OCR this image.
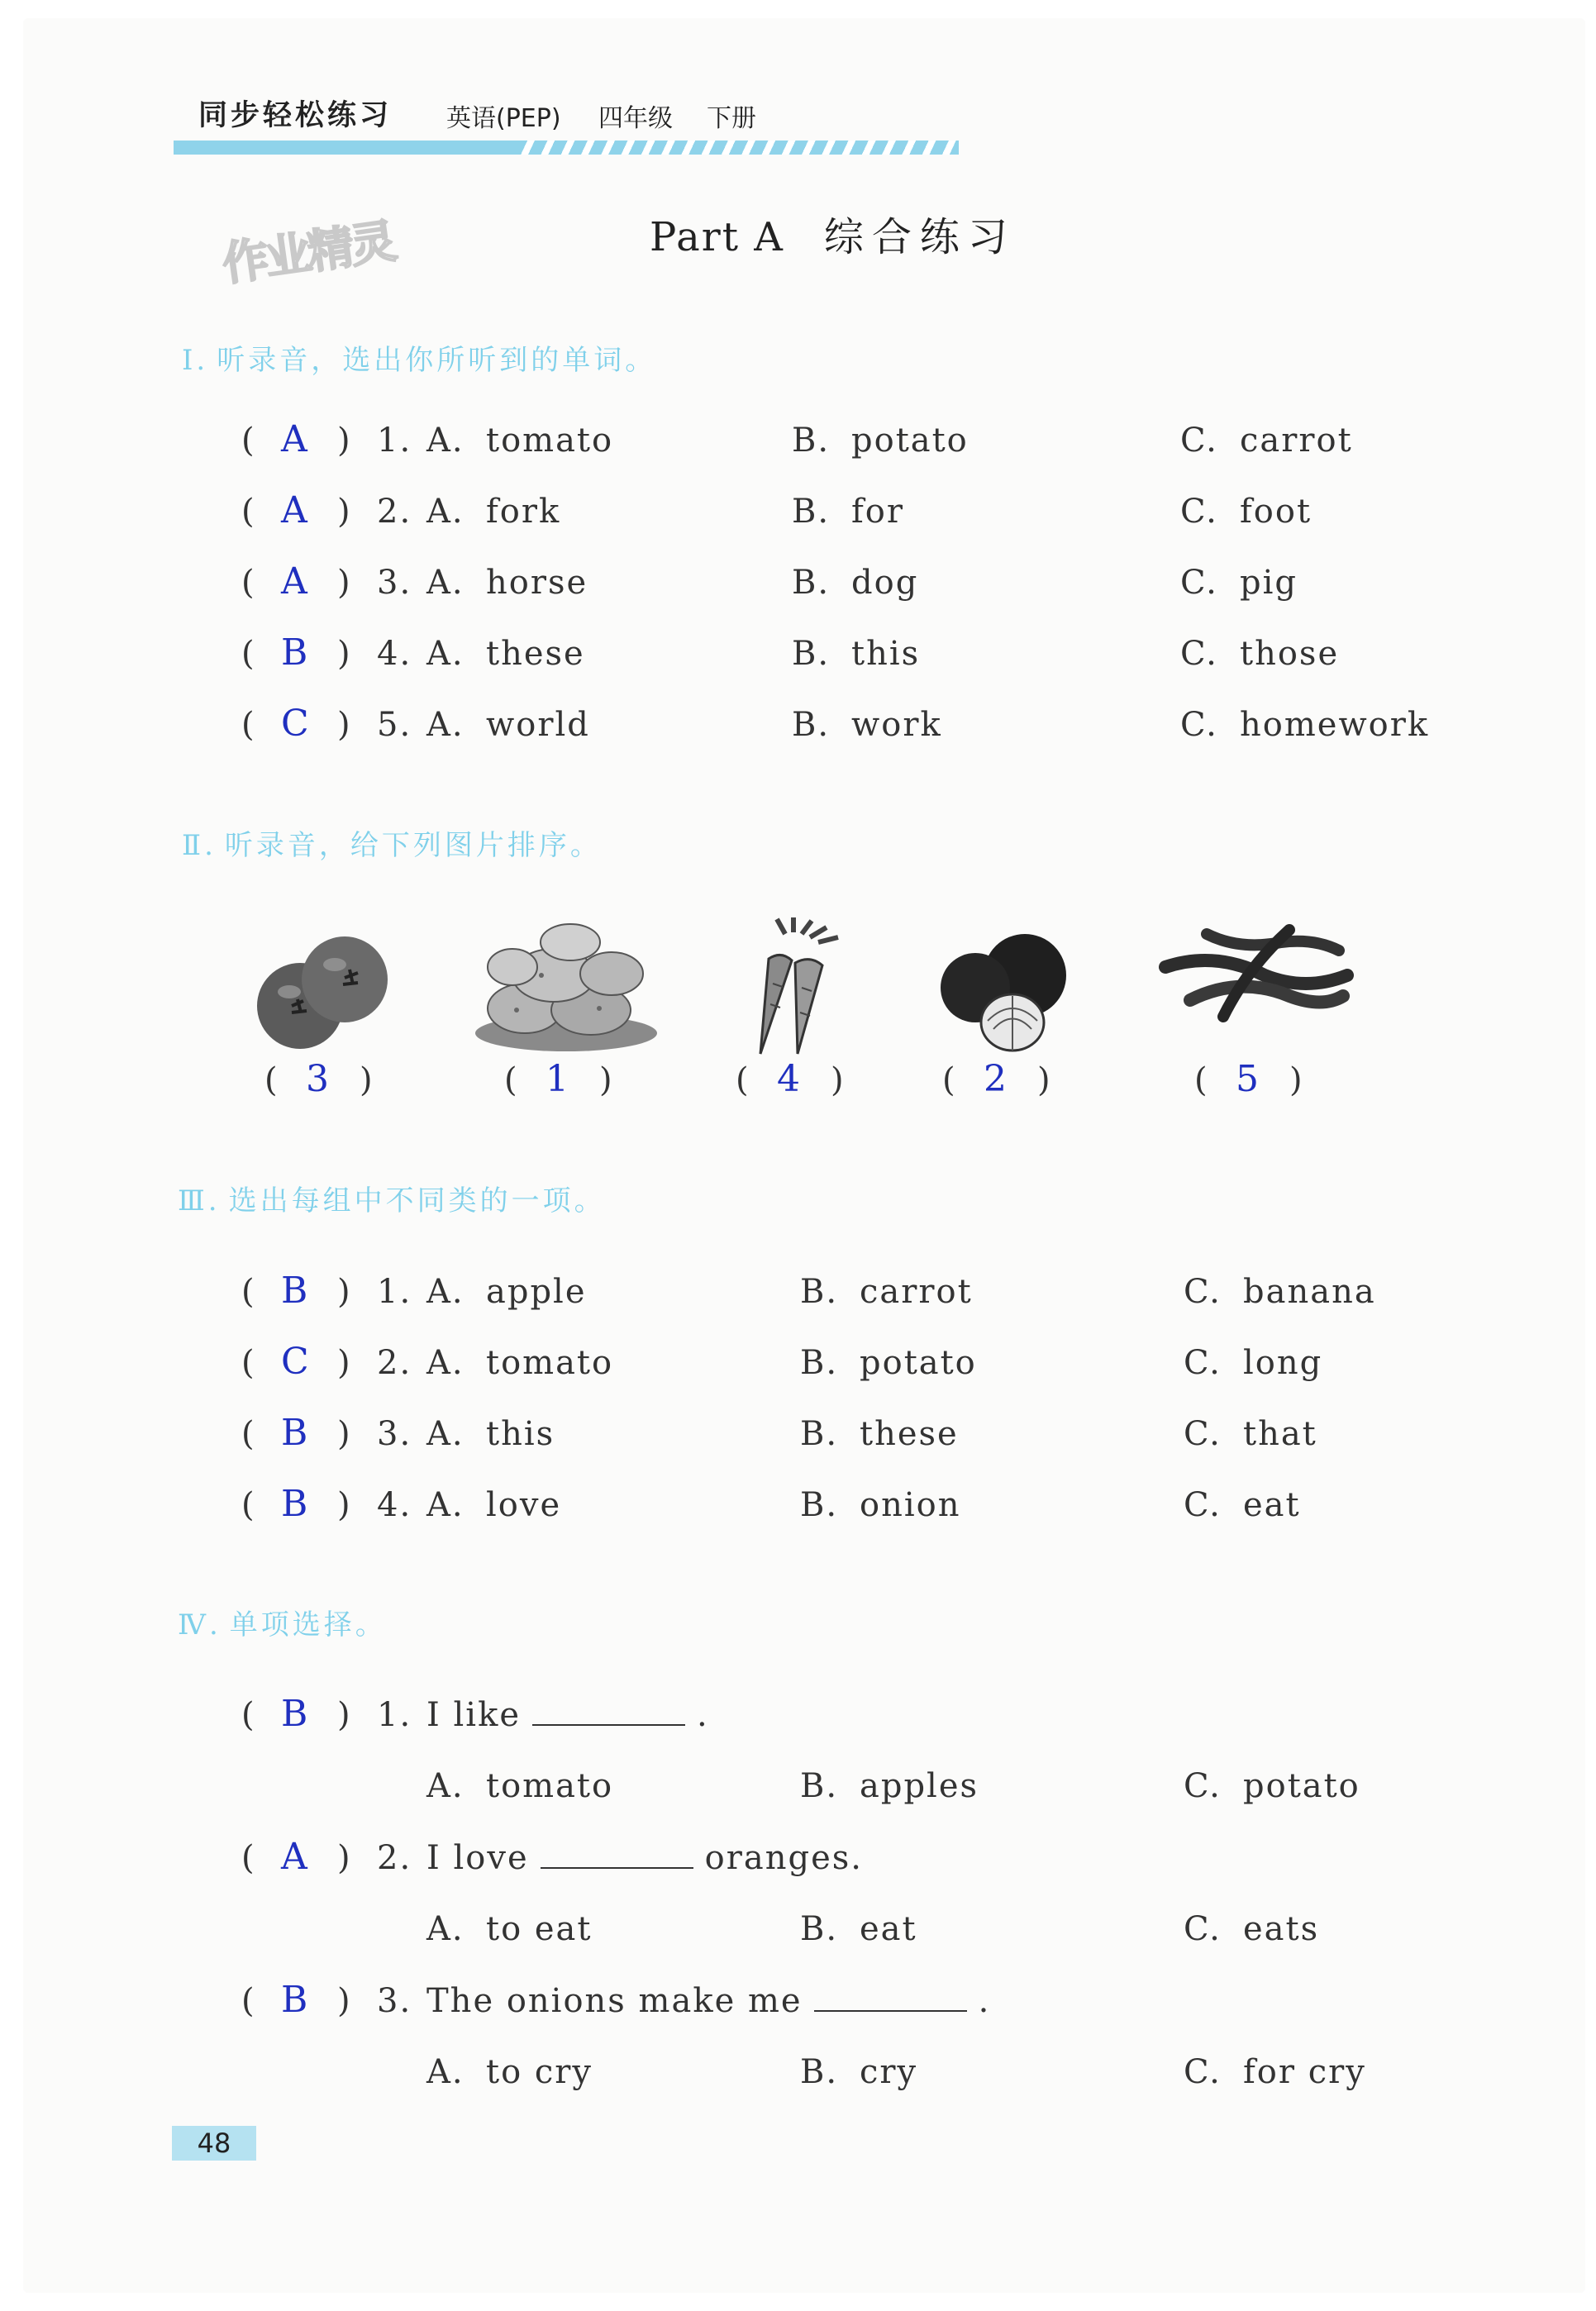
同步轻松练习 英语(PEP) 四年级 下册
作业精灵	Part A 综合练习
Ⅰ. 听录音，选出你所听到的单词。
( A ) 1. A. tomato	B. potato	C. carrot
( A ) 2. A. fork	B. for	C. foot
( A ) 3. A. horse	B. dog	C. pig
( B ) 4. A. these	B. this	C. those
( C ) 5. A. world	B. work	C. homework
Ⅱ. 听录音，给下列图片排序。
( 3 )	( 1 )	( 4 )	( 2 )	( 5 )
Ⅲ. 选出每组中不同类的一项。
( B ) 1. A. apple	B. carrot	C. banana
( C ) 2. A. tomato	B. potato	C. long
( B ) 3. A. this	B. these	C. that
( B ) 4. A. love	B. onion	C. eat
Ⅳ. 单项选择。
( B ) 1.
A. tomato	B. apples	C. potato
I like	.
( A ) 2.
A. to eat	B. eat	C. eats
I love	oranges.
( B ) 3.
A. to cry	B. cry	C. for cry
The onions make me	.
48
